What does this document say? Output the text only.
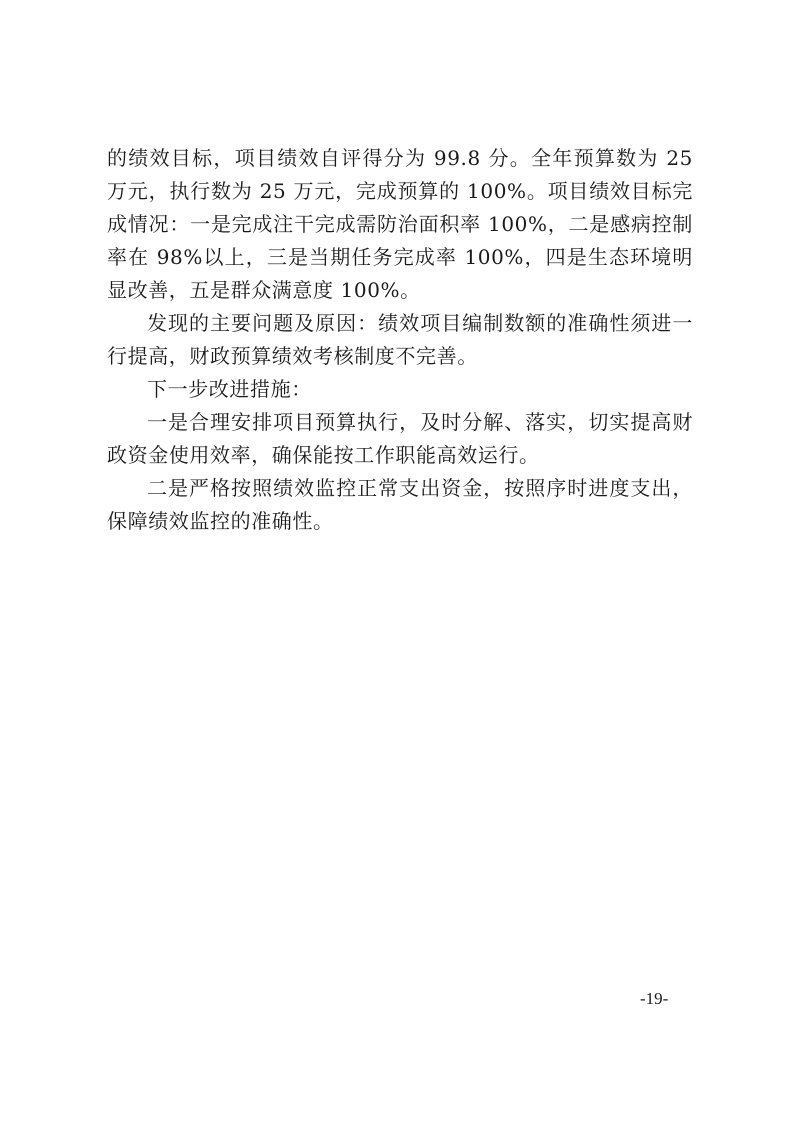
的绩效目标，项目绩效自评得分为 99.8 分。全年预算数为 25 万元，执行数为 25 万元，完成预算的 100%。项目绩效目标完成情况：一是完成注干完成需防治面积率 100%，二是感病控制率在 98%以上，三是当期任务完成率 100%，四是生态环境明显改善，五是群众满意度 100%。

发现的主要问题及原因：绩效项目编制数额的准确性须进一行提高，财政预算绩效考核制度不完善。

下一步改进措施：

一是合理安排项目预算执行，及时分解、落实，切实提高财政资金使用效率，确保能按工作职能高效运行。

二是严格按照绩效监控正常支出资金，按照序时进度支出，保障绩效监控的准确性。

-19-
